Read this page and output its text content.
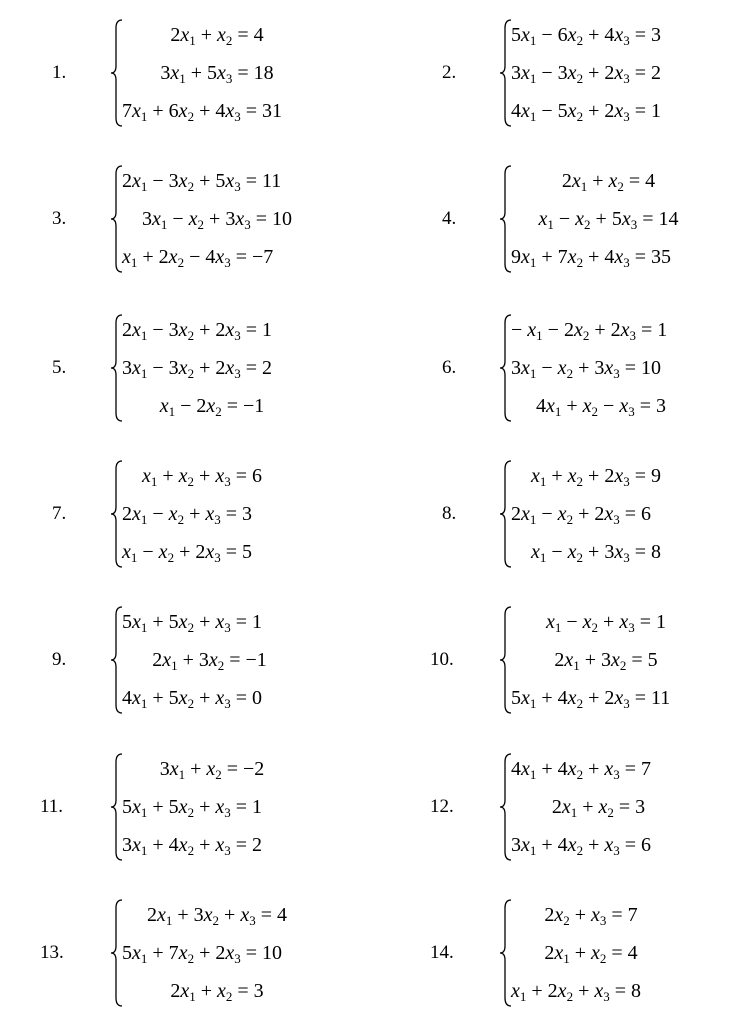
1.
$2x_1 + x_2 = 4$
$3x_1 + 5x_3 = 18$
$7x_1 + 6x_2 + 4x_3 = 31$
2.
$5x_1 - 6x_2 + 4x_3 = 3$
$3x_1 - 3x_2 + 2x_3 = 2$
$4x_1 - 5x_2 + 2x_3 = 1$
3.
$2x_1 - 3x_2 + 5x_3 = 11$
$3x_1 - x_2 + 3x_3 = 10$
$x_1 + 2x_2 - 4x_3 = -7$
4.
$2x_1 + x_2 = 4$
$x_1 - x_2 + 5x_3 = 14$
$9x_1 + 7x_2 + 4x_3 = 35$
5.
$2x_1 - 3x_2 + 2x_3 = 1$
$3x_1 - 3x_2 + 2x_3 = 2$
$x_1 - 2x_2 = -1$
6.
− $x_1 - 2x_2 + 2x_3 = 1$
$3x_1 - x_2 + 3x_3 = 10$
$4x_1 + x_2 - x_3 = 3$
7.
$x_1 + x_2 + x_3 = 6$
$2x_1 - x_2 + x_3 = 3$
$x_1 - x_2 + 2x_3 = 5$
8.
$x_1 + x_2 + 2x_3 = 9$
$2x_1 - x_2 + 2x_3 = 6$
$x_1 - x_2 + 3x_3 = 8$
9.
$5x_1 + 5x_2 + x_3 = 1$
$2x_1 + 3x_2 = -1$
$4x_1 + 5x_2 + x_3 = 0$
10.
$x_1 - x_2 + x_3 = 1$
$2x_1 + 3x_2 = 5$
$5x_1 + 4x_2 + 2x_3 = 11$
11.
$3x_1 + x_2 = -2$
$5x_1 + 5x_2 + x_3 = 1$
$3x_1 + 4x_2 + x_3 = 2$
12.
$4x_1 + 4x_2 + x_3 = 7$
$2x_1 + x_2 = 3$
$3x_1 + 4x_2 + x_3 = 6$
13.
$2x_1 + 3x_2 + x_3 = 4$
$5x_1 + 7x_2 + 2x_3 = 10$
$2x_1 + x_2 = 3$
14.
$2x_2 + x_3 = 7$
$2x_1 + x_2 = 4$
$x_1 + 2x_2 + x_3 = 8$
